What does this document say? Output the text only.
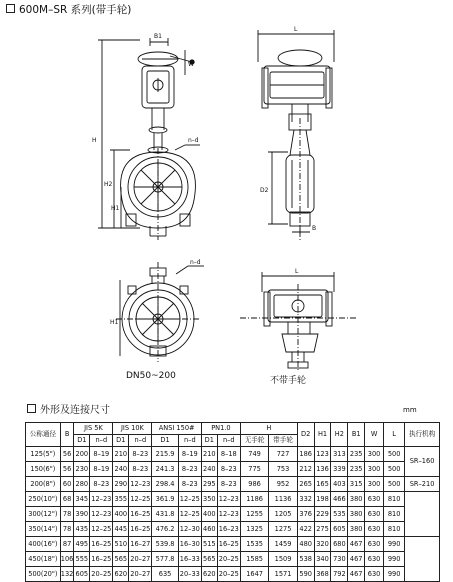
600M–SR 系列(带手轮)
B1
W
H
H2
H1
n–d
L
D2
B
n–d
H1
L
DN50~200	不带手轮
外形及连接尺寸	mm
公称通径	B	JIS 5K		JIS 10K		ANSI 150#		PN1.0		H		D2	H1	H2	B1	W	L	执行机构
		D1	n–d	D1	n–d	D1	n–d	D1	n–d	无手轮	带手轮							
125(5")	56	200	8–19	210	8–23	215.9	8–19	210	8–18	749	727	186	123	313	235	300	500	SR–160
150(6")	56	230	8–19	240	8–23	241.3	8–23	240	8–23	775	753	212	136	339	235	300	500	
200(8")	60	280	8–23	290	12–23	298.4	8–23	295	8–23	986	952	265	165	403	315	300	500	SR–210
250(10")	68	345	12–23	355	12–25	361.9	12–25	350	12–23	1186	1136	332	198	466	380	630	810	
300(12")	78	390	12–23	400	16–25	431.8	12–25	400	12–23	1255	1205	376	229	535	380	630	810	
350(14")	78	435	12–25	445	16–25	476.2	12–30	460	16–23	1325	1275	422	275	605	380	630	810	
400(16")	87	495	16–25	510	16–27	539.8	16–30	515	16–25	1535	1459	480	320	680	467	630	990	
450(18")	106	555	16–25	565	20–27	577.8	16–33	565	20–25	1585	1509	538	340	730	467	630	990	
500(20")	132	605	20–25	620	20–27	635	20–33	620	20–25	1647	1571	590	368	792	467	630	990	
